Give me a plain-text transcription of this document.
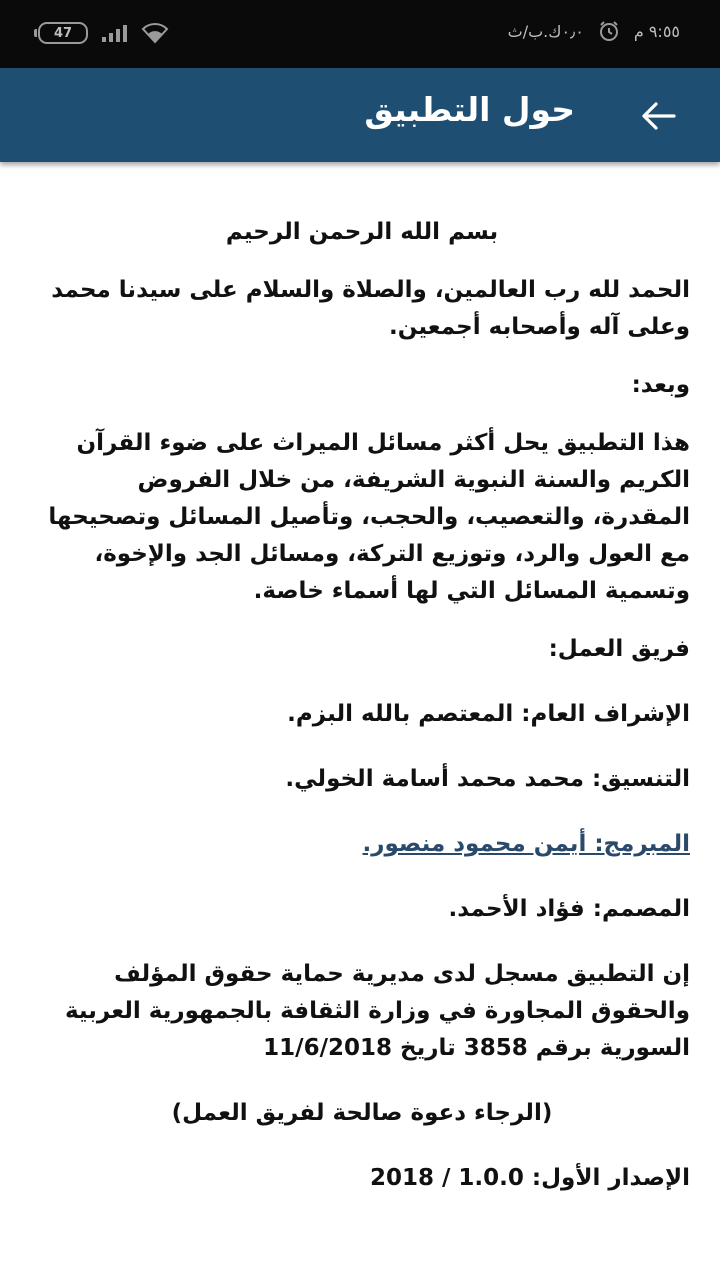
47	٩:٥٥ م
٠٫٠ك.ب/ث
حول التطبيق

بسم الله الرحمن الرحيم

الحمد لله رب العالمين، والصلاة والسلام على سيدنا محمد وعلى آله وأصحابه أجمعين.

وبعد:

هذا التطبيق يحل أكثر مسائل الميراث على ضوء القرآن الكريم والسنة النبوية الشريفة، من خلال الفروض المقدرة، والتعصيب، والحجب، وتأصيل المسائل وتصحيحها مع العول والرد، وتوزيع التركة، ومسائل الجد والإخوة، وتسمية المسائل التي لها أسماء خاصة.

فريق العمل:

الإشراف العام: المعتصم بالله البزم.

التنسيق: محمد محمد أسامة الخولي.

المبرمج: أيمن محمود منصور.

المصمم: فؤاد الأحمد.

إن التطبيق مسجل لدى مديرية حماية حقوق المؤلف والحقوق المجاورة في وزارة الثقافة بالجمهورية العربية السورية برقم 3858 تاريخ 11/6/2018

(الرجاء دعوة صالحة لفريق العمل)

الإصدار الأول: 1.0.0 / 2018
